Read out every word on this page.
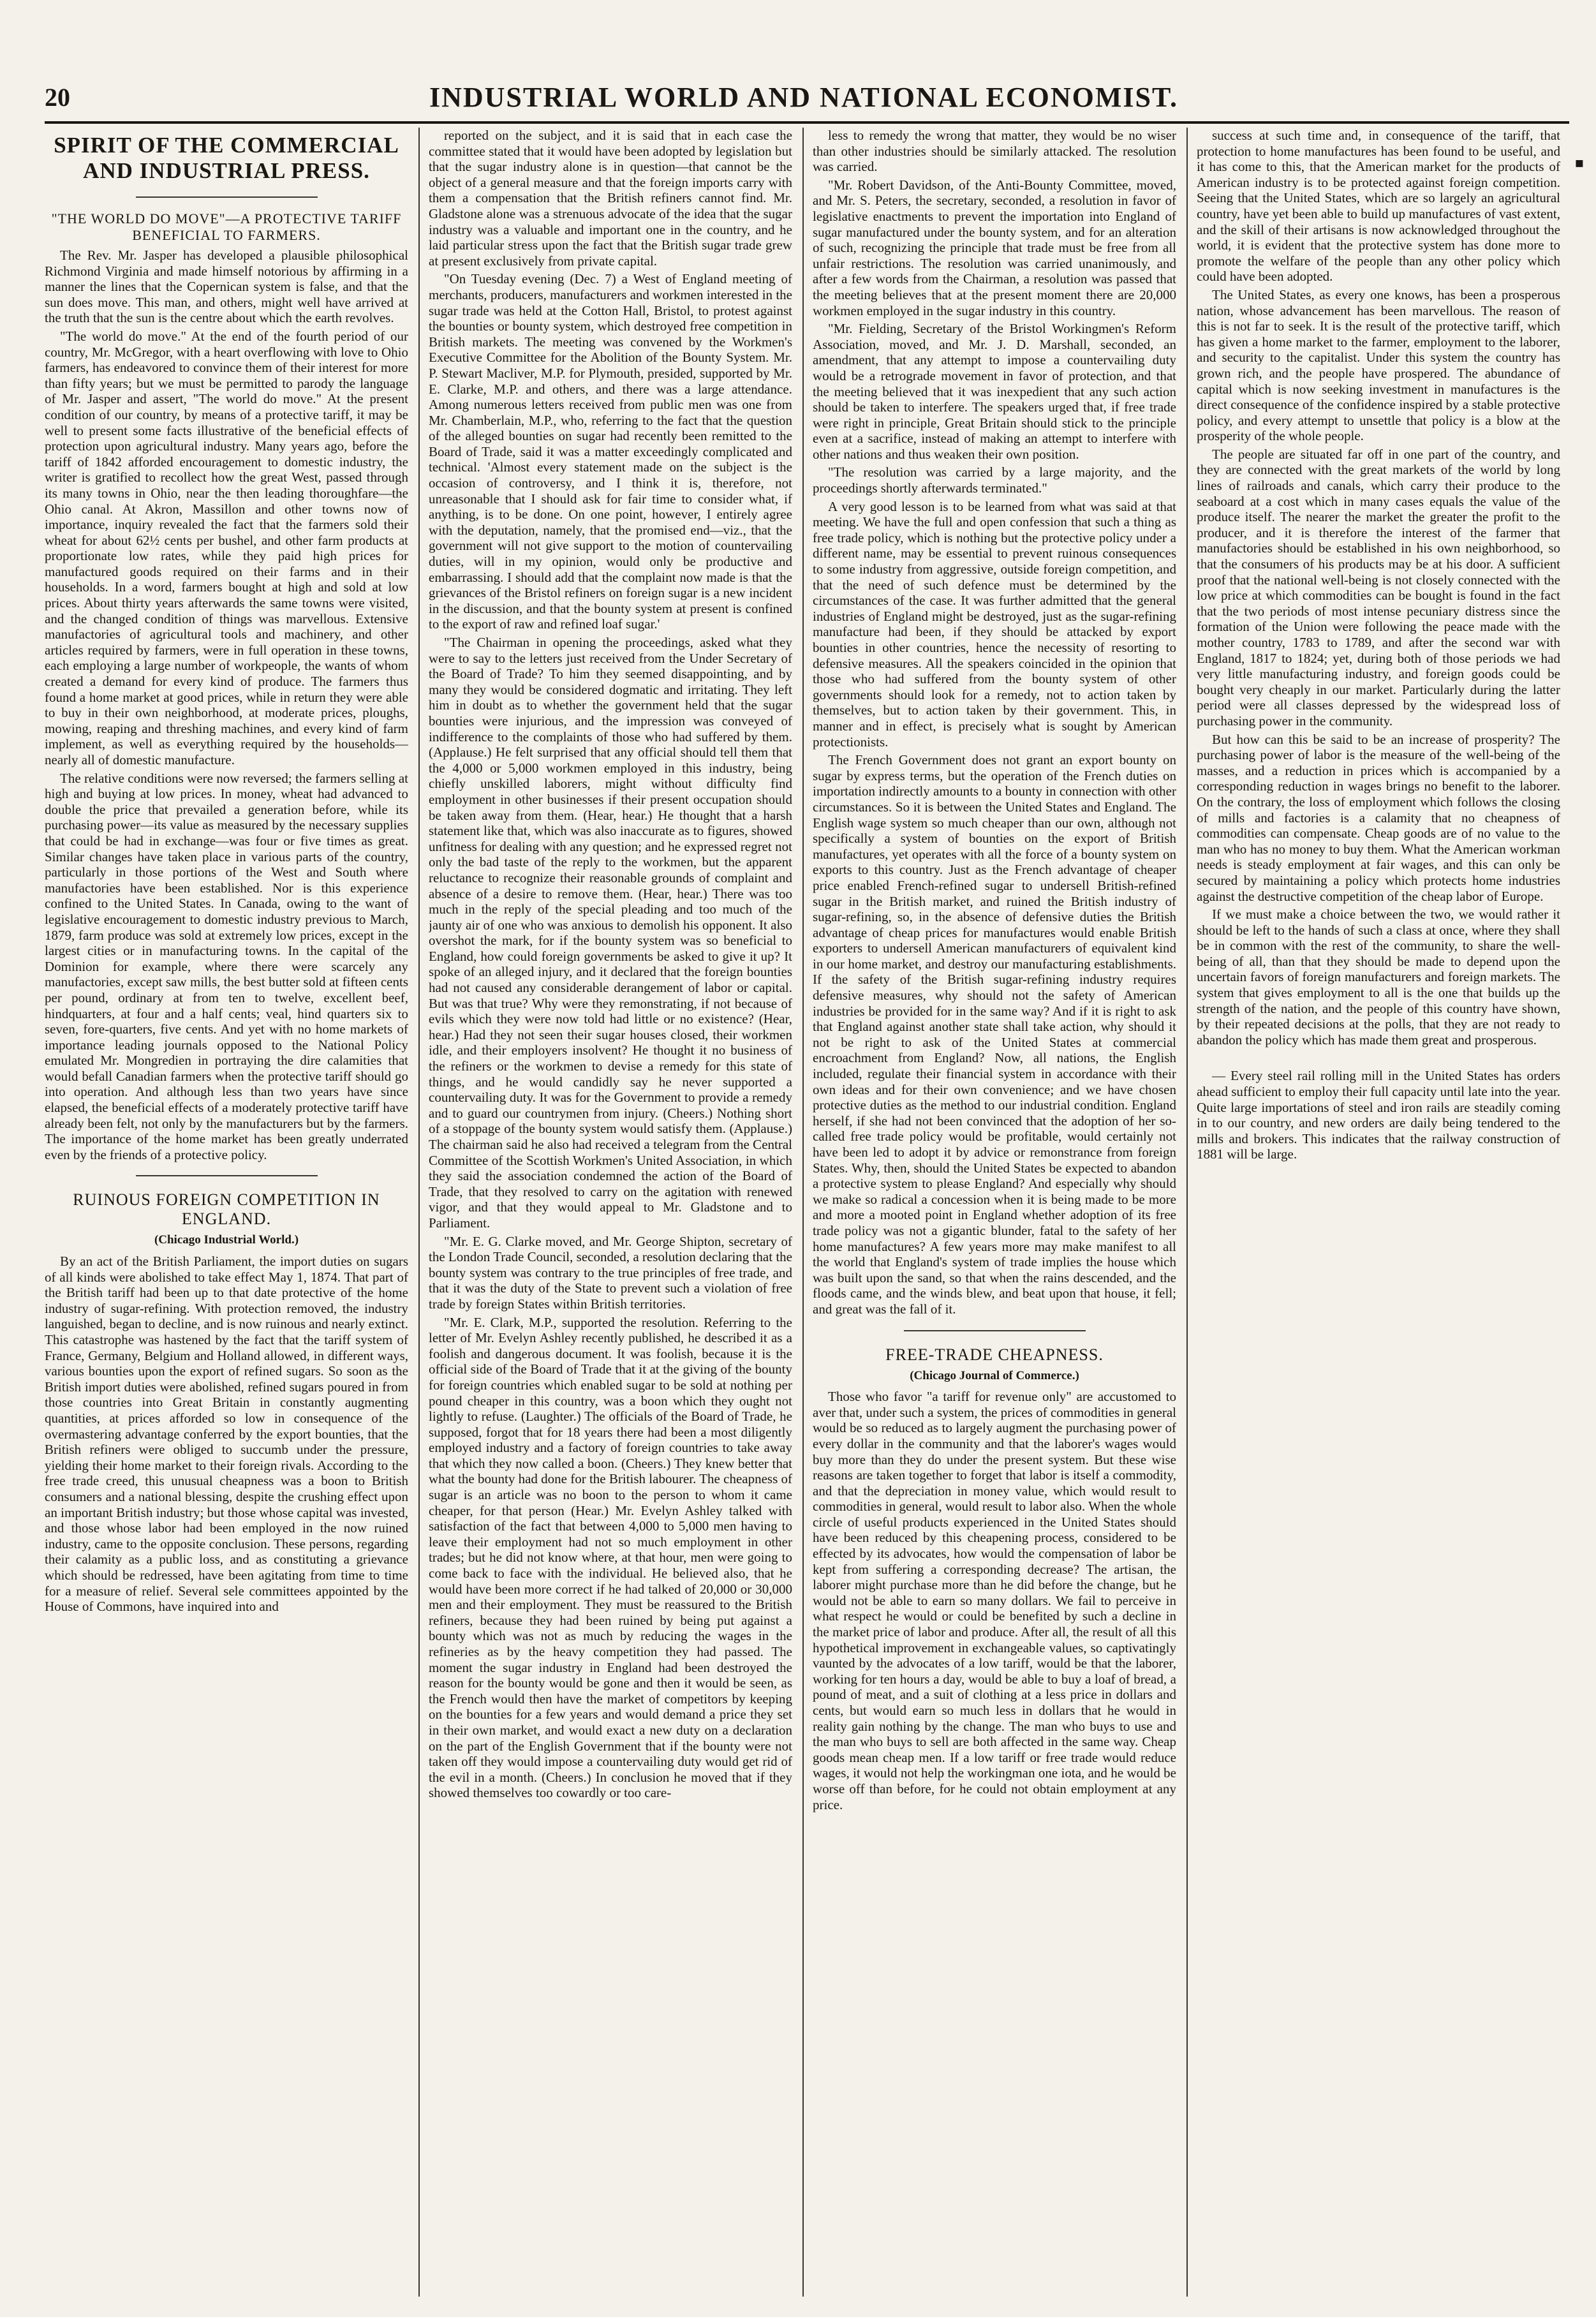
20	INDUSTRIAL WORLD AND NATIONAL ECONOMIST.
SPIRIT OF THE COMMERCIAL AND INDUSTRIAL PRESS.
"THE WORLD DO MOVE"—A PROTECTIVE TARIFF BENEFICIAL TO FARMERS.

The Rev. Mr. Jasper has developed a plausible philosophical Richmond Virginia and made himself notorious by affirming in a manner the lines that the Copernican system is false, and that the sun does move. This man, and others, might well have arrived at the truth that the sun is the centre about which the earth revolves.

"The world do move." At the end of the fourth period of our country, Mr. McGregor, with a heart overflowing with love to Ohio farmers, has endeavored to convince them of their interest for more than fifty years; but we must be permitted to parody the language of Mr. Jasper and assert, "The world do move." At the present condition of our country, by means of a protective tariff, it may be well to present some facts illustrative of the beneficial effects of protection upon agricultural industry. Many years ago, before the tariff of 1842 afforded encouragement to domestic industry, the writer is gratified to recollect how the great West, passed through its many towns in Ohio, near the then leading thoroughfare—the Ohio canal. At Akron, Massillon and other towns now of importance, inquiry revealed the fact that the farmers sold their wheat for about 62½ cents per bushel, and other farm products at proportionate low rates, while they paid high prices for manufactured goods required on their farms and in their households. In a word, farmers bought at high and sold at low prices. About thirty years afterwards the same towns were visited, and the changed condition of things was marvellous. Extensive manufactories of agricultural tools and machinery, and other articles required by farmers, were in full operation in these towns, each employing a large number of workpeople, the wants of whom created a demand for every kind of produce. The farmers thus found a home market at good prices, while in return they were able to buy in their own neighborhood, at moderate prices, ploughs, mowing, reaping and threshing machines, and every kind of farm implement, as well as everything required by the households—nearly all of domestic manufacture.

The relative conditions were now reversed; the farmers selling at high and buying at low prices. In money, wheat had advanced to double the price that prevailed a generation before, while its purchasing power—its value as measured by the necessary supplies that could be had in exchange—was four or five times as great. Similar changes have taken place in various parts of the country, particularly in those portions of the West and South where manufactories have been established. Nor is this experience confined to the United States. In Canada, owing to the want of legislative encouragement to domestic industry previous to March, 1879, farm produce was sold at extremely low prices, except in the largest cities or in manufacturing towns. In the capital of the Dominion for example, where there were scarcely any manufactories, except saw mills, the best butter sold at fifteen cents per pound, ordinary at from ten to twelve, excellent beef, hindquarters, at four and a half cents; veal, hind quarters six to seven, fore-quarters, five cents. And yet with no home markets of importance leading journals opposed to the National Policy emulated Mr. Mongredien in portraying the dire calamities that would befall Canadian farmers when the protective tariff should go into operation. And although less than two years have since elapsed, the beneficial effects of a moderately protective tariff have already been felt, not only by the manufacturers but by the farmers. The importance of the home market has been greatly underrated even by the friends of a protective policy.

RUINOUS FOREIGN COMPETITION IN ENGLAND.
(Chicago Industrial World.)

By an act of the British Parliament, the import duties on sugars of all kinds were abolished to take effect May 1, 1874. That part of the British tariff had been up to that date protective of the home industry of sugar-refining. With protection removed, the industry languished, began to decline, and is now ruinous and nearly extinct. This catastrophe was hastened by the fact that the tariff system of France, Germany, Belgium and Holland allowed, in different ways, various bounties upon the export of refined sugars. So soon as the British import duties were abolished, refined sugars poured in from those countries into Great Britain in constantly augmenting quantities, at prices afforded so low in consequence of the overmastering advantage conferred by the export bounties, that the British refiners were obliged to succumb under the pressure, yielding their home market to their foreign rivals. According to the free trade creed, this unusual cheapness was a boon to British consumers and a national blessing, despite the crushing effect upon an important British industry; but those whose capital was invested, and those whose labor had been employed in the now ruined industry, came to the opposite conclusion. These persons, regarding their calamity as a public loss, and as constituting a grievance which should be redressed, have been agitating from time to time for a measure of relief. Several sele committees appointed by the House of Commons, have inquired into and

reported on the subject, and it is said that in each case the committee stated that it would have been adopted by legislation but that the sugar industry alone is in question—that cannot be the object of a general measure and that the foreign imports carry with them a compensation that the British refiners cannot find. Mr. Gladstone alone was a strenuous advocate of the idea that the sugar industry was a valuable and important one in the country, and he laid particular stress upon the fact that the British sugar trade grew at present exclusively from private capital.

"On Tuesday evening (Dec. 7) a West of England meeting of merchants, producers, manufacturers and workmen interested in the sugar trade was held at the Cotton Hall, Bristol, to protest against the bounties or bounty system, which destroyed free competition in British markets. The meeting was convened by the Workmen's Executive Committee for the Abolition of the Bounty System. Mr. P. Stewart Macliver, M.P. for Plymouth, presided, supported by Mr. E. Clarke, M.P. and others, and there was a large attendance. Among numerous letters received from public men was one from Mr. Chamberlain, M.P., who, referring to the fact that the question of the alleged bounties on sugar had recently been remitted to the Board of Trade, said it was a matter exceedingly complicated and technical. 'Almost every statement made on the subject is the occasion of controversy, and I think it is, therefore, not unreasonable that I should ask for fair time to consider what, if anything, is to be done. On one point, however, I entirely agree with the deputation, namely, that the promised end—viz., that the government will not give support to the motion of countervailing duties, will in my opinion, would only be productive and embarrassing. I should add that the complaint now made is that the grievances of the Bristol refiners on foreign sugar is a new incident in the discussion, and that the bounty system at present is confined to the export of raw and refined loaf sugar.'

"The Chairman in opening the proceedings, asked what they were to say to the letters just received from the Under Secretary of the Board of Trade? To him they seemed disappointing, and by many they would be considered dogmatic and irritating. They left him in doubt as to whether the government held that the sugar bounties were injurious, and the impression was conveyed of indifference to the complaints of those who had suffered by them. (Applause.) He felt surprised that any official should tell them that the 4,000 or 5,000 workmen employed in this industry, being chiefly unskilled laborers, might without difficulty find employment in other businesses if their present occupation should be taken away from them. (Hear, hear.) He thought that a harsh statement like that, which was also inaccurate as to figures, showed unfitness for dealing with any question; and he expressed regret not only the bad taste of the reply to the workmen, but the apparent reluctance to recognize their reasonable grounds of complaint and absence of a desire to remove them. (Hear, hear.) There was too much in the reply of the special pleading and too much of the jaunty air of one who was anxious to demolish his opponent. It also overshot the mark, for if the bounty system was so beneficial to England, how could foreign governments be asked to give it up? It spoke of an alleged injury, and it declared that the foreign bounties had not caused any considerable derangement of labor or capital. But was that true? Why were they remonstrating, if not because of evils which they were now told had little or no existence? (Hear, hear.) Had they not seen their sugar houses closed, their workmen idle, and their employers insolvent? He thought it no business of the refiners or the workmen to devise a remedy for this state of things, and he would candidly say he never supported a countervailing duty. It was for the Government to provide a remedy and to guard our countrymen from injury. (Cheers.) Nothing short of a stoppage of the bounty system would satisfy them. (Applause.) The chairman said he also had received a telegram from the Central Committee of the Scottish Workmen's United Association, in which they said the association condemned the action of the Board of Trade, that they resolved to carry on the agitation with renewed vigor, and that they would appeal to Mr. Gladstone and to Parliament.

"Mr. E. G. Clarke moved, and Mr. George Shipton, secretary of the London Trade Council, seconded, a resolution declaring that the bounty system was contrary to the true principles of free trade, and that it was the duty of the State to prevent such a violation of free trade by foreign States within British territories.

"Mr. E. Clark, M.P., supported the resolution. Referring to the letter of Mr. Evelyn Ashley recently published, he described it as a foolish and dangerous document. It was foolish, because it is the official side of the Board of Trade that it at the giving of the bounty for foreign countries which enabled sugar to be sold at nothing per pound cheaper in this country, was a boon which they ought not lightly to refuse. (Laughter.) The officials of the Board of Trade, he supposed, forgot that for 18 years there had been a most diligently employed industry and a factory of foreign countries to take away that which they now called a boon. (Cheers.) They knew better that what the bounty had done for the British labourer. The cheapness of sugar is an article was no boon to the person to whom it came cheaper, for that person (Hear.) Mr. Evelyn Ashley talked with satisfaction of the fact that between 4,000 to 5,000 men having to leave their employment had not so much employment in other trades; but he did not know where, at that hour, men were going to come back to face with the individual. He believed also, that he would have been more correct if he had talked of 20,000 or 30,000 men and their employment. They must be reassured to the British refiners, because they had been ruined by being put against a bounty which was not as much by reducing the wages in the refineries as by the heavy competition they had passed. The moment the sugar industry in England had been destroyed the reason for the bounty would be gone and then it would be seen, as the French would then have the market of competitors by keeping on the bounties for a few years and would demand a price they set in their own market, and would exact a new duty on a declaration on the part of the English Government that if the bounty were not taken off they would impose a countervailing duty would get rid of the evil in a month. (Cheers.) In conclusion he moved that if they showed themselves too cowardly or too care-

less to remedy the wrong that matter, they would be no wiser than other industries should be similarly attacked. The resolution was carried.

"Mr. Robert Davidson, of the Anti-Bounty Committee, moved, and Mr. S. Peters, the secretary, seconded, a resolution in favor of legislative enactments to prevent the importation into England of sugar manufactured under the bounty system, and for an alteration of such, recognizing the principle that trade must be free from all unfair restrictions. The resolution was carried unanimously, and after a few words from the Chairman, a resolution was passed that the meeting believes that at the present moment there are 20,000 workmen employed in the sugar industry in this country.

"Mr. Fielding, Secretary of the Bristol Workingmen's Reform Association, moved, and Mr. J. D. Marshall, seconded, an amendment, that any attempt to impose a countervailing duty would be a retrograde movement in favor of protection, and that the meeting believed that it was inexpedient that any such action should be taken to interfere. The speakers urged that, if free trade were right in principle, Great Britain should stick to the principle even at a sacrifice, instead of making an attempt to interfere with other nations and thus weaken their own position.

"The resolution was carried by a large majority, and the proceedings shortly afterwards terminated."

A very good lesson is to be learned from what was said at that meeting. We have the full and open confession that such a thing as free trade policy, which is nothing but the protective policy under a different name, may be essential to prevent ruinous consequences to some industry from aggressive, outside foreign competition, and that the need of such defence must be determined by the circumstances of the case. It was further admitted that the general industries of England might be destroyed, just as the sugar-refining manufacture had been, if they should be attacked by export bounties in other countries, hence the necessity of resorting to defensive measures. All the speakers coincided in the opinion that those who had suffered from the bounty system of other governments should look for a remedy, not to action taken by themselves, but to action taken by their government. This, in manner and in effect, is precisely what is sought by American protectionists.

The French Government does not grant an export bounty on sugar by express terms, but the operation of the French duties on importation indirectly amounts to a bounty in connection with other circumstances. So it is between the United States and England. The English wage system so much cheaper than our own, although not specifically a system of bounties on the export of British manufactures, yet operates with all the force of a bounty system on exports to this country. Just as the French advantage of cheaper price enabled French-refined sugar to undersell British-refined sugar in the British market, and ruined the British industry of sugar-refining, so, in the absence of defensive duties the British advantage of cheap prices for manufactures would enable British exporters to undersell American manufacturers of equivalent kind in our home market, and destroy our manufacturing establishments. If the safety of the British sugar-refining industry requires defensive measures, why should not the safety of American industries be provided for in the same way? And if it is right to ask that England against another state shall take action, why should it not be right to ask of the United States at commercial encroachment from England? Now, all nations, the English included, regulate their financial system in accordance with their own ideas and for their own convenience; and we have chosen protective duties as the method to our industrial condition. England herself, if she had not been convinced that the adoption of her so-called free trade policy would be profitable, would certainly not have been led to adopt it by advice or remonstrance from foreign States. Why, then, should the United States be expected to abandon a protective system to please England? And especially why should we make so radical a concession when it is being made to be more and more a mooted point in England whether adoption of its free trade policy was not a gigantic blunder, fatal to the safety of her home manufactures? A few years more may make manifest to all the world that England's system of trade implies the house which was built upon the sand, so that when the rains descended, and the floods came, and the winds blew, and beat upon that house, it fell; and great was the fall of it.

FREE-TRADE CHEAPNESS.
(Chicago Journal of Commerce.)

Those who favor "a tariff for revenue only" are accustomed to aver that, under such a system, the prices of commodities in general would be so reduced as to largely augment the purchasing power of every dollar in the community and that the laborer's wages would buy more than they do under the present system. But these wise reasons are taken together to forget that labor is itself a commodity, and that the depreciation in money value, which would result to commodities in general, would result to labor also. When the whole circle of useful products experienced in the United States should have been reduced by this cheapening process, considered to be effected by its advocates, how would the compensation of labor be kept from suffering a corresponding decrease? The artisan, the laborer might purchase more than he did before the change, but he would not be able to earn so many dollars. We fail to perceive in what respect he would or could be benefited by such a decline in the market price of labor and produce. After all, the result of all this hypothetical improvement in exchangeable values, so captivatingly vaunted by the advocates of a low tariff, would be that the laborer, working for ten hours a day, would be able to buy a loaf of bread, a pound of meat, and a suit of clothing at a less price in dollars and cents, but would earn so much less in dollars that he would in reality gain nothing by the change. The man who buys to use and the man who buys to sell are both affected in the same way. Cheap goods mean cheap men. If a low tariff or free trade would reduce wages, it would not help the workingman one iota, and he would be worse off than before, for he could not obtain employment at any price.

success at such time and, in consequence of the tariff, that protection to home manufactures has been found to be useful, and it has come to this, that the American market for the products of American industry is to be protected against foreign competition. Seeing that the United States, which are so largely an agricultural country, have yet been able to build up manufactures of vast extent, and the skill of their artisans is now acknowledged throughout the world, it is evident that the protective system has done more to promote the welfare of the people than any other policy which could have been adopted.

The United States, as every one knows, has been a prosperous nation, whose advancement has been marvellous. The reason of this is not far to seek. It is the result of the protective tariff, which has given a home market to the farmer, employment to the laborer, and security to the capitalist. Under this system the country has grown rich, and the people have prospered. The abundance of capital which is now seeking investment in manufactures is the direct consequence of the confidence inspired by a stable protective policy, and every attempt to unsettle that policy is a blow at the prosperity of the whole people.

The people are situated far off in one part of the country, and they are connected with the great markets of the world by long lines of railroads and canals, which carry their produce to the seaboard at a cost which in many cases equals the value of the produce itself. The nearer the market the greater the profit to the producer, and it is therefore the interest of the farmer that manufactories should be established in his own neighborhood, so that the consumers of his products may be at his door. A sufficient proof that the national well-being is not closely connected with the low price at which commodities can be bought is found in the fact that the two periods of most intense pecuniary distress since the formation of the Union were following the peace made with the mother country, 1783 to 1789, and after the second war with England, 1817 to 1824; yet, during both of those periods we had very little manufacturing industry, and foreign goods could be bought very cheaply in our market. Particularly during the latter period were all classes depressed by the widespread loss of purchasing power in the community.

But how can this be said to be an increase of prosperity? The purchasing power of labor is the measure of the well-being of the masses, and a reduction in prices which is accompanied by a corresponding reduction in wages brings no benefit to the laborer. On the contrary, the loss of employment which follows the closing of mills and factories is a calamity that no cheapness of commodities can compensate. Cheap goods are of no value to the man who has no money to buy them. What the American workman needs is steady employment at fair wages, and this can only be secured by maintaining a policy which protects home industries against the destructive competition of the cheap labor of Europe.

If we must make a choice between the two, we would rather it should be left to the hands of such a class at once, where they shall be in common with the rest of the community, to share the well-being of all, than that they should be made to depend upon the uncertain favors of foreign manufacturers and foreign markets. The system that gives employment to all is the one that builds up the strength of the nation, and the people of this country have shown, by their repeated decisions at the polls, that they are not ready to abandon the policy which has made them great and prosperous.

— Every steel rail rolling mill in the United States has orders ahead sufficient to employ their full capacity until late into the year. Quite large importations of steel and iron rails are steadily coming in to our country, and new orders are daily being tendered to the mills and brokers. This indicates that the railway construction of 1881 will be large.

▪
